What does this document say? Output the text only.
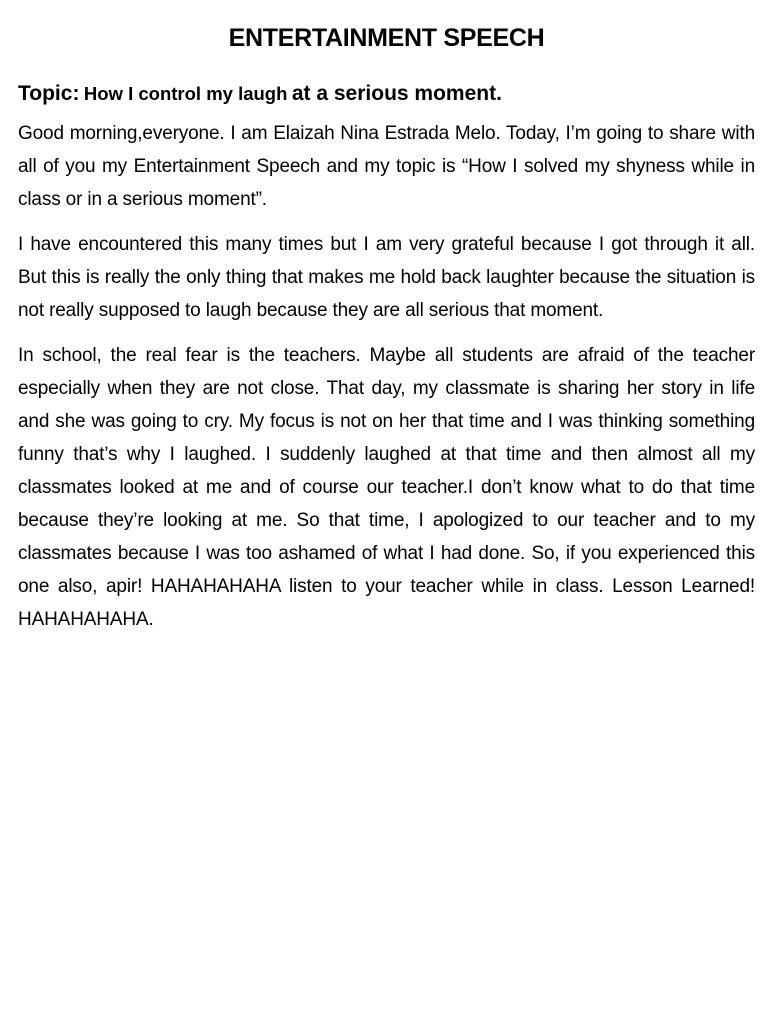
ENTERTAINMENT SPEECH
Topic: How I control my laugh at a serious moment.

Good morning,everyone. I am Elaizah Nina Estrada Melo. Today, I’m going to share with all of you my Entertainment Speech and my topic is “How I solved my shyness while in class or in a serious moment”.

I have encountered this many times but I am very grateful because I got through it all. But this is really the only thing that makes me hold back laughter because the situation is not really supposed to laugh because they are all serious that moment.

In school, the real fear is the teachers. Maybe all students are afraid of the teacher especially when they are not close. That day, my classmate is sharing her story in life and she was going to cry. My focus is not on her that time and I was thinking something funny that’s why I laughed. I suddenly laughed at that time and then almost all my classmates looked at me and of course our teacher.I don’t know what to do that time because they’re looking at me. So that time, I apologized to our teacher and to my classmates because I was too ashamed of what I had done. So, if you experienced this one also, apir! HAHAHAHAHA listen to your teacher while in class. Lesson Learned! HAHAHAHAHA.
